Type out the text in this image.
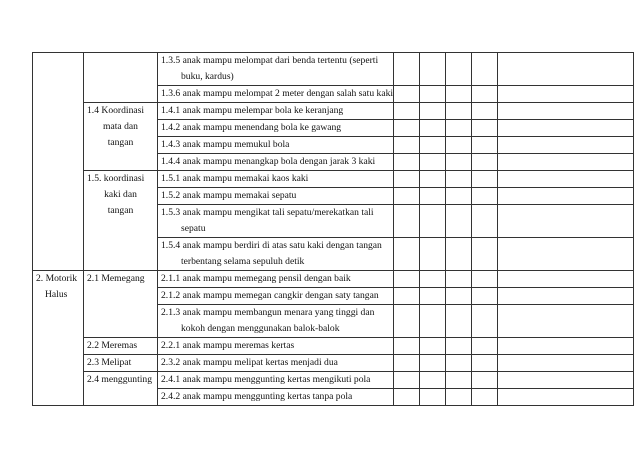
		1.3.5 anak mampu melompat dari benda tertentu (seperti
buku, kardus)					

		1.3.6 anak mampu melompat 2 meter dengan salah satu kaki					

	1.4 Koordinasi
mata dan
tangan	1.4.1 anak mampu melempar bola ke keranjang					

		1.4.2 anak mampu menendang bola ke gawang					

		1.4.3 anak mampu memukul bola					

		1.4.4 anak mampu menangkap bola dengan jarak 3 kaki					

	1.5. koordinasi
kaki dan
tangan	1.5.1 anak mampu memakai kaos kaki					

		1.5.2 anak mampu memakai sepatu					

		1.5.3 anak mampu mengikat tali sepatu/merekatkan tali
sepatu					

		1.5.4 anak mampu berdiri di atas satu kaki dengan tangan
terbentang selama sepuluh detik					

2. Motorik
Halus	2.1 Memegang	2.1.1 anak mampu memegang pensil dengan baik					

		2.1.2 anak mampu memegan cangkir dengan saty tangan					

		2.1.3 anak mampu membangun menara yang tinggi dan
kokoh dengan menggunakan balok-balok					

	2.2 Meremas	2.2.1 anak mampu meremas kertas					

	2.3 Melipat	2.3.2 anak mampu melipat kertas menjadi dua					

	2.4 menggunting	2.4.1 anak mampu menggunting kertas mengikuti pola					

		2.4.2 anak mampu menggunting kertas tanpa pola					
